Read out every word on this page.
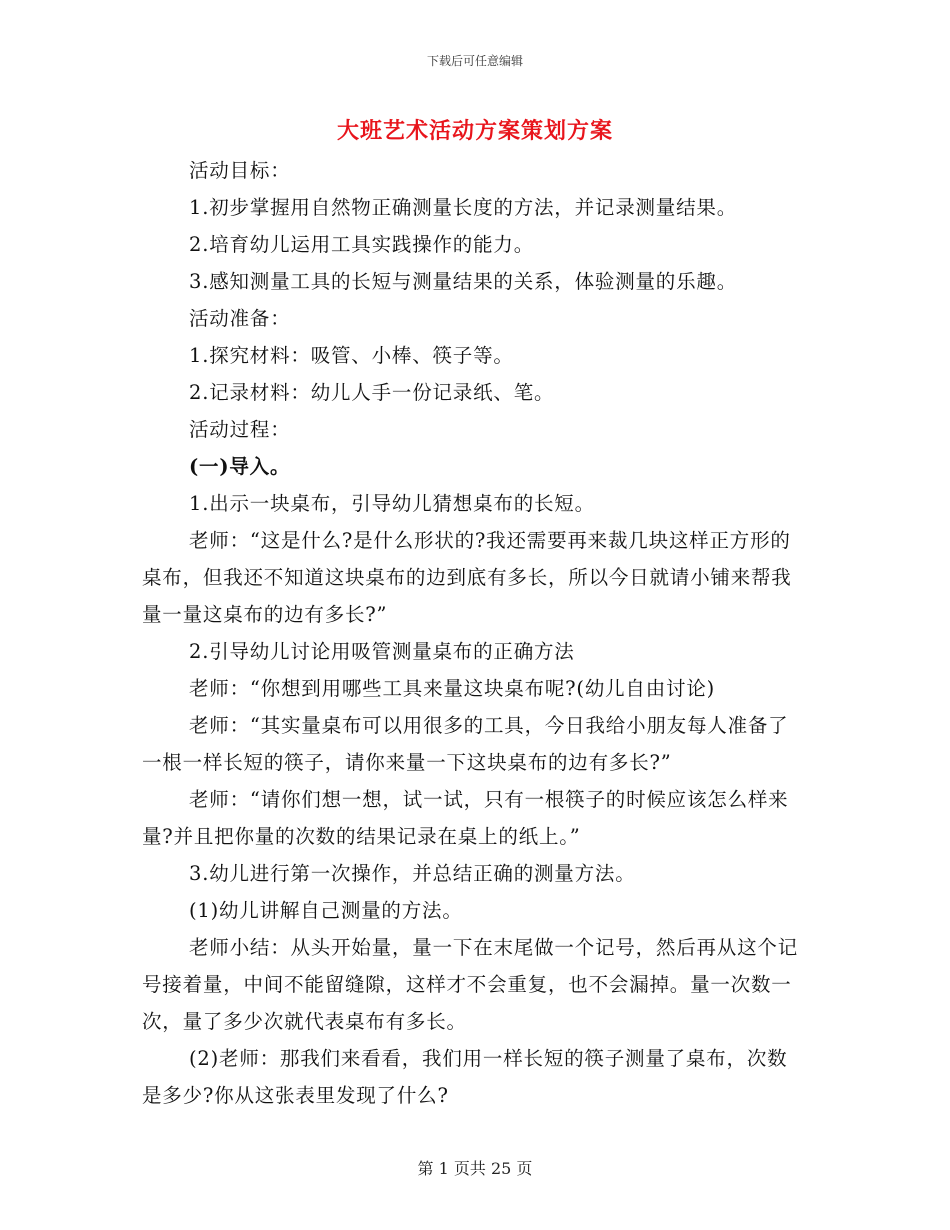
下载后可任意编辑
大班艺术活动方案策划方案

活动目标：

1.初步掌握用自然物正确测量长度的方法，并记录测量结果。

2.培育幼儿运用工具实践操作的能力。

3.感知测量工具的长短与测量结果的关系，体验测量的乐趣。

活动准备：

1.探究材料：吸管、小棒、筷子等。

2.记录材料：幼儿人手一份记录纸、笔。

活动过程：

(一)导入。

1.出示一块桌布，引导幼儿猜想桌布的长短。

老师：“这是什么?是什么形状的?我还需要再来裁几块这样正方形的桌布，但我还不知道这块桌布的边到底有多长，所以今日就请小铺来帮我量一量这桌布的边有多长?”

2.引导幼儿讨论用吸管测量桌布的正确方法

老师：“你想到用哪些工具来量这块桌布呢?(幼儿自由讨论)

老师：“其实量桌布可以用很多的工具，今日我给小朋友每人准备了一根一样长短的筷子，请你来量一下这块桌布的边有多长?”

老师：“请你们想一想，试一试，只有一根筷子的时候应该怎么样来量?并且把你量的次数的结果记录在桌上的纸上。”

3.幼儿进行第一次操作，并总结正确的测量方法。

(1)幼儿讲解自己测量的方法。

老师小结：从头开始量，量一下在末尾做一个记号，然后再从这个记号接着量，中间不能留缝隙，这样才不会重复，也不会漏掉。量一次数一次，量了多少次就代表桌布有多长。

(2)老师：那我们来看看，我们用一样长短的筷子测量了桌布，次数是多少?你从这张表里发现了什么?

第 1 页共 25 页
